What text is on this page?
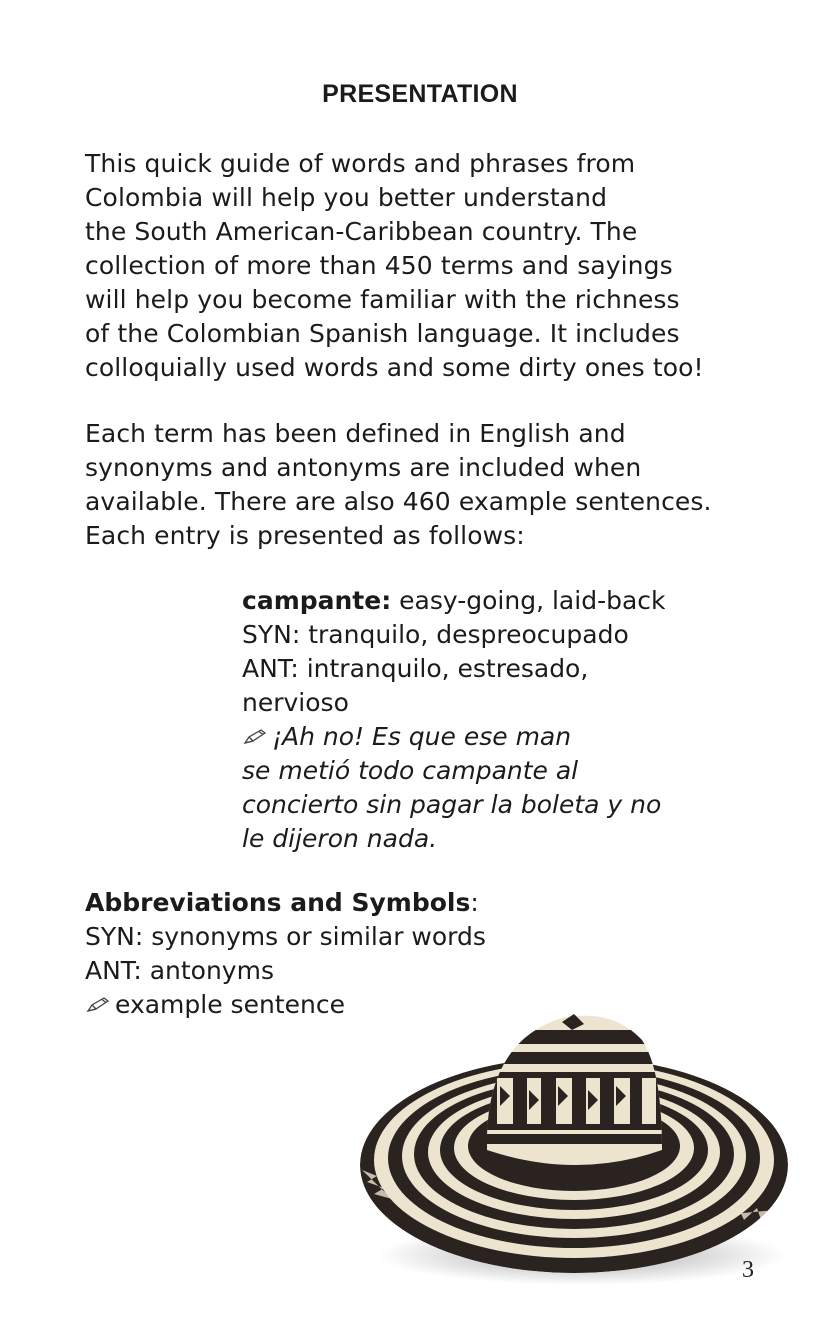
PRESENTATION

This quick guide of words and phrases from
Colombia will help you better understand
the South American-Caribbean country. The
collection of more than 450 terms and sayings
will help you become familiar with the richness
of the Colombian Spanish language. It includes
colloquially used words and some dirty ones too!

Each term has been defined in English and
synonyms and antonyms are included when
available. There are also 460 example sentences.
Each entry is presented as follows:

campante: easy-going, laid-back
SYN: tranquilo, despreocupado
ANT: intranquilo, estresado,
nervioso
¡Ah no! Es que ese man
se metió todo campante al
concierto sin pagar la boleta y no
le dijeron nada.
Abbreviations and Symbols:
SYN: synonyms or similar words
ANT: antonyms
example sentence
3
